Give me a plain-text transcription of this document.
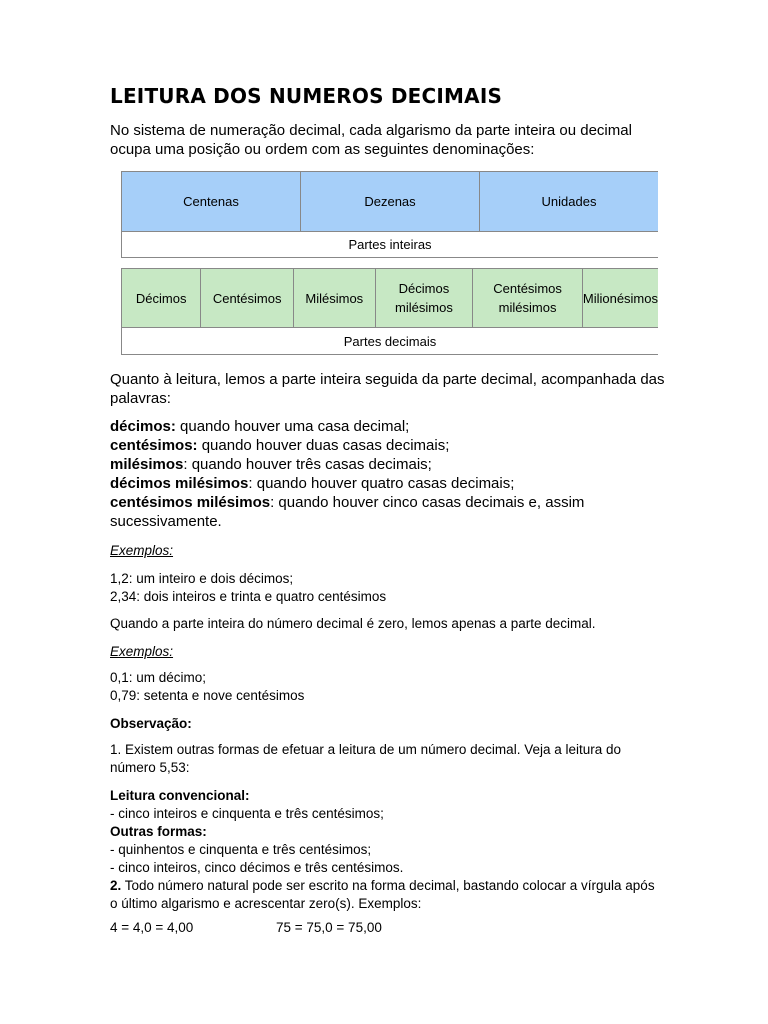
LEITURA DOS NUMEROS DECIMAIS

No sistema de numeração decimal, cada algarismo da parte inteira ou decimal ocupa uma posição ou ordem com as seguintes denominações:

Centenas	Dezenas	Unidades
Partes inteiras
Décimos	Centésimos	Milésimos	Décimos milésimos	Centésimos milésimos	Milionésimos
Partes decimais

Quanto à leitura, lemos a parte inteira seguida da parte decimal, acompanhada das palavras:

décimos: quando houver uma casa decimal;
centésimos: quando houver duas casas decimais;
milésimos: quando houver três casas decimais;
décimos milésimos: quando houver quatro casas decimais;
centésimos milésimos: quando houver cinco casas decimais e, assim sucessivamente.
Exemplos:
1,2: um inteiro e dois décimos;
2,34: dois inteiros e trinta e quatro centésimos
Quando a parte inteira do número decimal é zero, lemos apenas a parte decimal.
Exemplos:
0,1: um décimo;
0,79: setenta e nove centésimos
Observação:
1. Existem outras formas de efetuar a leitura de um número decimal. Veja a leitura do número 5,53:
Leitura convencional:
- cinco inteiros e cinquenta e três centésimos;
Outras formas:
- quinhentos e cinquenta e três centésimos;
- cinco inteiros, cinco décimos e três centésimos.
2. Todo número natural pode ser escrito na forma decimal, bastando colocar a vírgula após o último algarismo e acrescentar zero(s). Exemplos:
4 = 4,0 = 4,00	75 = 75,0 = 75,00
